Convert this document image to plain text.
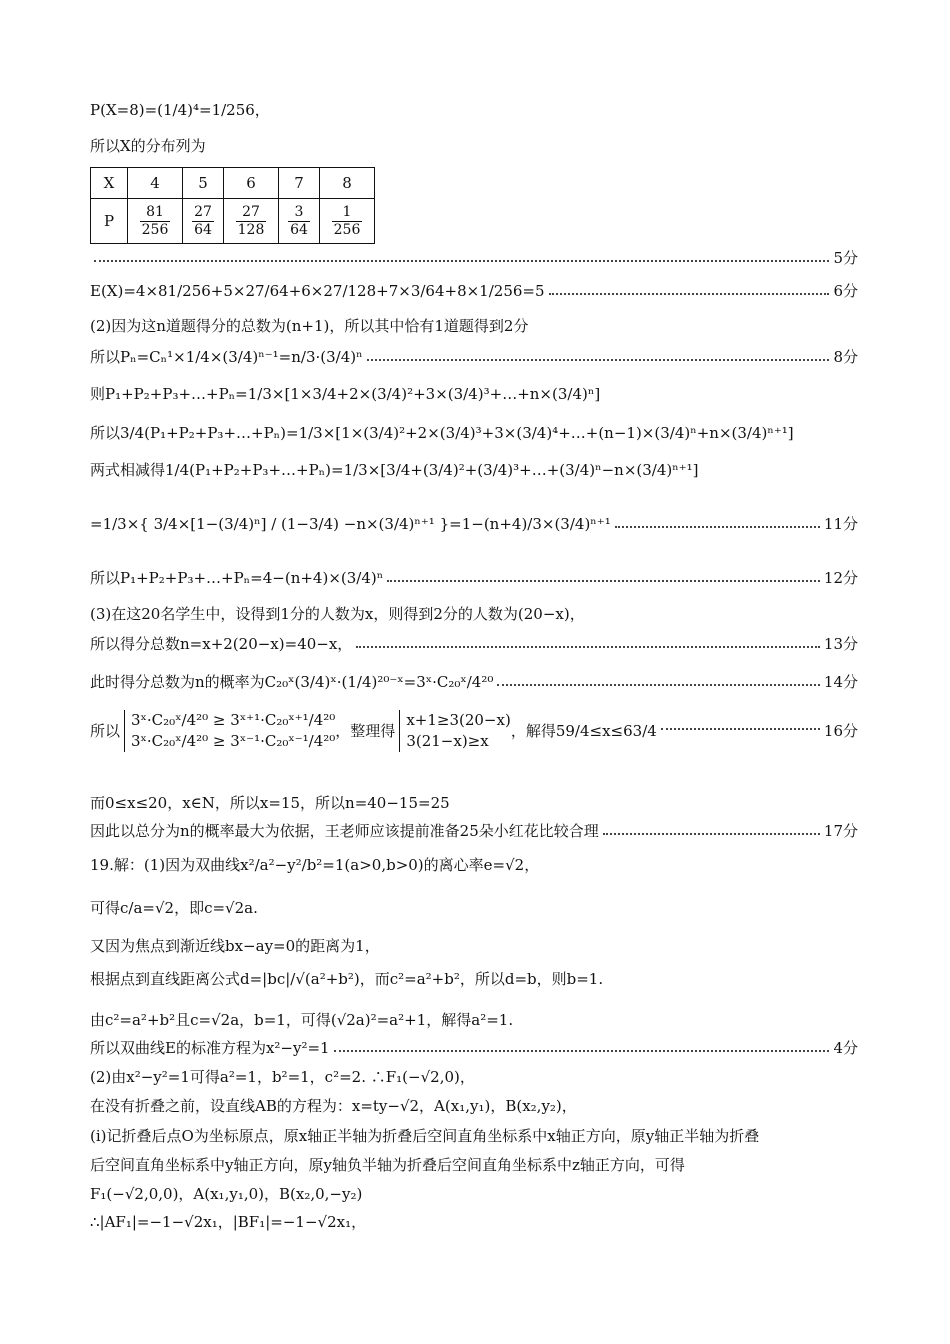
P(X=8)=(1/4)⁴=1/256，
所以X的分布列为
X	4	5	6	7	8
P	$\frac{81}{256}$	$\frac{27}{64}$	$\frac{27}{128}$	$\frac{3}{64}$	$\frac{1}{256}$
5分
E(X)=4×81/256+5×27/64+6×27/128+7×3/64+8×1/256=5	6分
(2)因为这n道题得分的总数为(n+1)，所以其中恰有1道题得到2分
所以Pₙ=Cₙ¹×1/4×(3/4)ⁿ⁻¹=n/3·(3/4)ⁿ	8分
则P₁+P₂+P₃+…+Pₙ=1/3×[1×3/4+2×(3/4)²+3×(3/4)³+…+n×(3/4)ⁿ]
所以3/4(P₁+P₂+P₃+…+Pₙ)=1/3×[1×(3/4)²+2×(3/4)³+3×(3/4)⁴+…+(n−1)×(3/4)ⁿ+n×(3/4)ⁿ⁺¹]
两式相减得1/4(P₁+P₂+P₃+…+Pₙ)=1/3×[3/4+(3/4)²+(3/4)³+…+(3/4)ⁿ−n×(3/4)ⁿ⁺¹]
=1/3×{ 3/4×[1−(3/4)ⁿ] / (1−3/4) −n×(3/4)ⁿ⁺¹ }=1−(n+4)/3×(3/4)ⁿ⁺¹	11分
所以P₁+P₂+P₃+…+Pₙ=4−(n+4)×(3/4)ⁿ	12分
(3)在这20名学生中，设得到1分的人数为x，则得到2分的人数为(20−x)，
所以得分总数n=x+2(20−x)=40−x，	13分
此时得分总数为n的概率为C₂₀ˣ(3/4)ˣ·(1/4)²⁰⁻ˣ=3ˣ·C₂₀ˣ/4²⁰	14分
所以
3ˣ·C₂₀ˣ/4²⁰ ≥ 3ˣ⁺¹·C₂₀ˣ⁺¹/4²⁰
3ˣ·C₂₀ˣ/4²⁰ ≥ 3ˣ⁻¹·C₂₀ˣ⁻¹/4²⁰
，整理得
x+1≥3(20−x)
3(21−x)≥x
，解得59/4≤x≤63/4	16分
而0≤x≤20，x∈N，所以x=15，所以n=40−15=25
因此以总分为n的概率最大为依据，王老师应该提前准备25朵小红花比较合理	17分
19.解：(1)因为双曲线x²/a²−y²/b²=1(a>0,b>0)的离心率e=√2，
可得c/a=√2，即c=√2a.
又因为焦点到渐近线bx−ay=0的距离为1，
根据点到直线距离公式d=|bc|/√(a²+b²)，而c²=a²+b²，所以d=b，则b=1.
由c²=a²+b²且c=√2a，b=1，可得(√2a)²=a²+1，解得a²=1.
所以双曲线E的标准方程为x²−y²=1	4分
(2)由x²−y²=1可得a²=1，b²=1，c²=2. ∴F₁(−√2,0)，
在没有折叠之前，设直线AB的方程为：x=ty−√2，A(x₁,y₁)，B(x₂,y₂)，
(i)记折叠后点O为坐标原点，原x轴正半轴为折叠后空间直角坐标系中x轴正方向，原y轴正半轴为折叠
后空间直角坐标系中y轴正方向，原y轴负半轴为折叠后空间直角坐标系中z轴正方向，可得
F₁(−√2,0,0)，A(x₁,y₁,0)，B(x₂,0,−y₂)
∴|AF₁|=−1−√2x₁，|BF₁|=−1−√2x₁，
